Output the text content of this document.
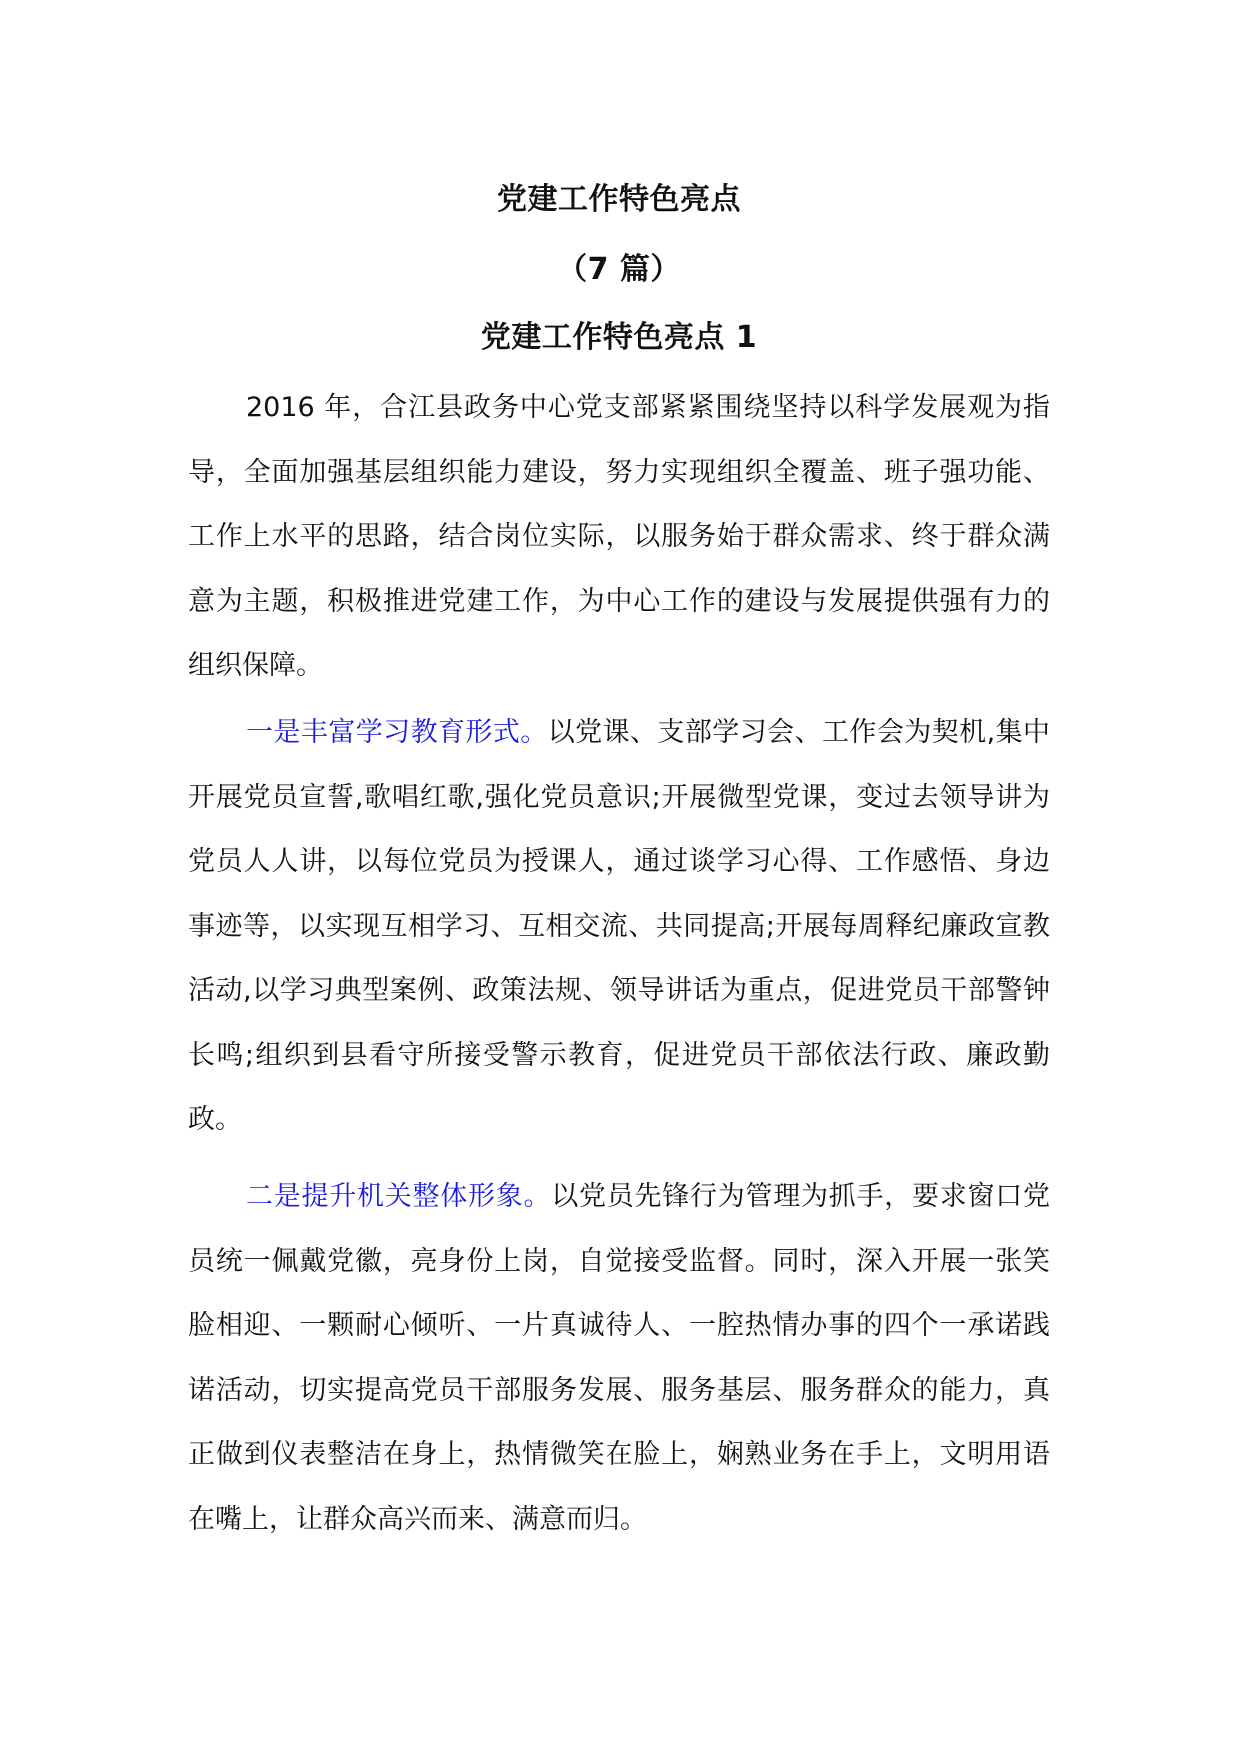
党建工作特色亮点
（7 篇）
党建工作特色亮点 1

2016 年，合江县政务中心党支部紧紧围绕坚持以科学发展观为指导，全面加强基层组织能力建设，努力实现组织全覆盖、班子强功能、工作上水平的思路，结合岗位实际，以服务始于群众需求、终于群众满意为主题，积极推进党建工作，为中心工作的建设与发展提供强有力的组织保障。

一是丰富学习教育形式。以党课、支部学习会、工作会为契机,集中开展党员宣誓,歌唱红歌,强化党员意识;开展微型党课，变过去领导讲为党员人人讲，以每位党员为授课人，通过谈学习心得、工作感悟、身边事迹等，以实现互相学习、互相交流、共同提高;开展每周释纪廉政宣教活动,以学习典型案例、政策法规、领导讲话为重点，促进党员干部警钟长鸣;组织到县看守所接受警示教育，促进党员干部依法行政、廉政勤政。

二是提升机关整体形象。以党员先锋行为管理为抓手，要求窗口党员统一佩戴党徽，亮身份上岗，自觉接受监督。同时，深入开展一张笑脸相迎、一颗耐心倾听、一片真诚待人、一腔热情办事的四个一承诺践诺活动，切实提高党员干部服务发展、服务基层、服务群众的能力，真正做到仪表整洁在身上，热情微笑在脸上，娴熟业务在手上，文明用语在嘴上，让群众高兴而来、满意而归。
